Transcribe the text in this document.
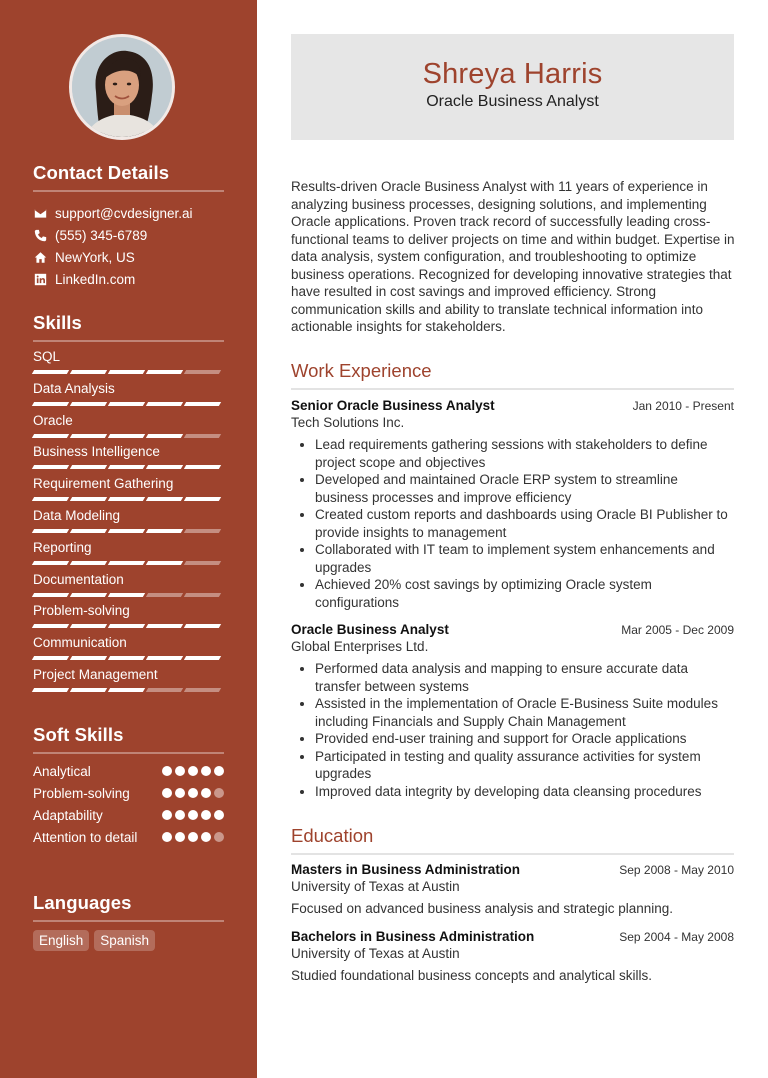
Contact Details
support@cvdesigner.ai
(555) 345-6789
NewYork, US
LinkedIn.com
Skills
SQL
Data Analysis
Oracle
Business Intelligence
Requirement Gathering
Data Modeling
Reporting
Documentation
Problem-solving
Communication
Project Management
Soft Skills
Analytical
Problem-solving
Adaptability
Attention to detail
Languages
English	Spanish
Shreya Harris
Oracle Business Analyst
Results-driven Oracle Business Analyst with 11 years of experience in analyzing business processes, designing solutions, and implementing Oracle applications. Proven track record of successfully leading cross-functional teams to deliver projects on time and within budget. Expertise in data analysis, system configuration, and troubleshooting to optimize business operations. Recognized for developing innovative strategies that have resulted in cost savings and improved efficiency. Strong communication skills and ability to translate technical information into actionable insights for stakeholders.
Work Experience
Senior Oracle Business Analyst	Jan 2010 - Present
Tech Solutions Inc.
• Lead requirements gathering sessions with stakeholders to define project scope and objectives
• Developed and maintained Oracle ERP system to streamline business processes and improve efficiency
• Created custom reports and dashboards using Oracle BI Publisher to provide insights to management
• Collaborated with IT team to implement system enhancements and upgrades
• Achieved 20% cost savings by optimizing Oracle system configurations
Oracle Business Analyst	Mar 2005 - Dec 2009
Global Enterprises Ltd.
• Performed data analysis and mapping to ensure accurate data transfer between systems
• Assisted in the implementation of Oracle E-Business Suite modules including Financials and Supply Chain Management
• Provided end-user training and support for Oracle applications
• Participated in testing and quality assurance activities for system upgrades
• Improved data integrity by developing data cleansing procedures
Education
Masters in Business Administration	Sep 2008 - May 2010
University of Texas at Austin
Focused on advanced business analysis and strategic planning.
Bachelors in Business Administration	Sep 2004 - May 2008
University of Texas at Austin
Studied foundational business concepts and analytical skills.
